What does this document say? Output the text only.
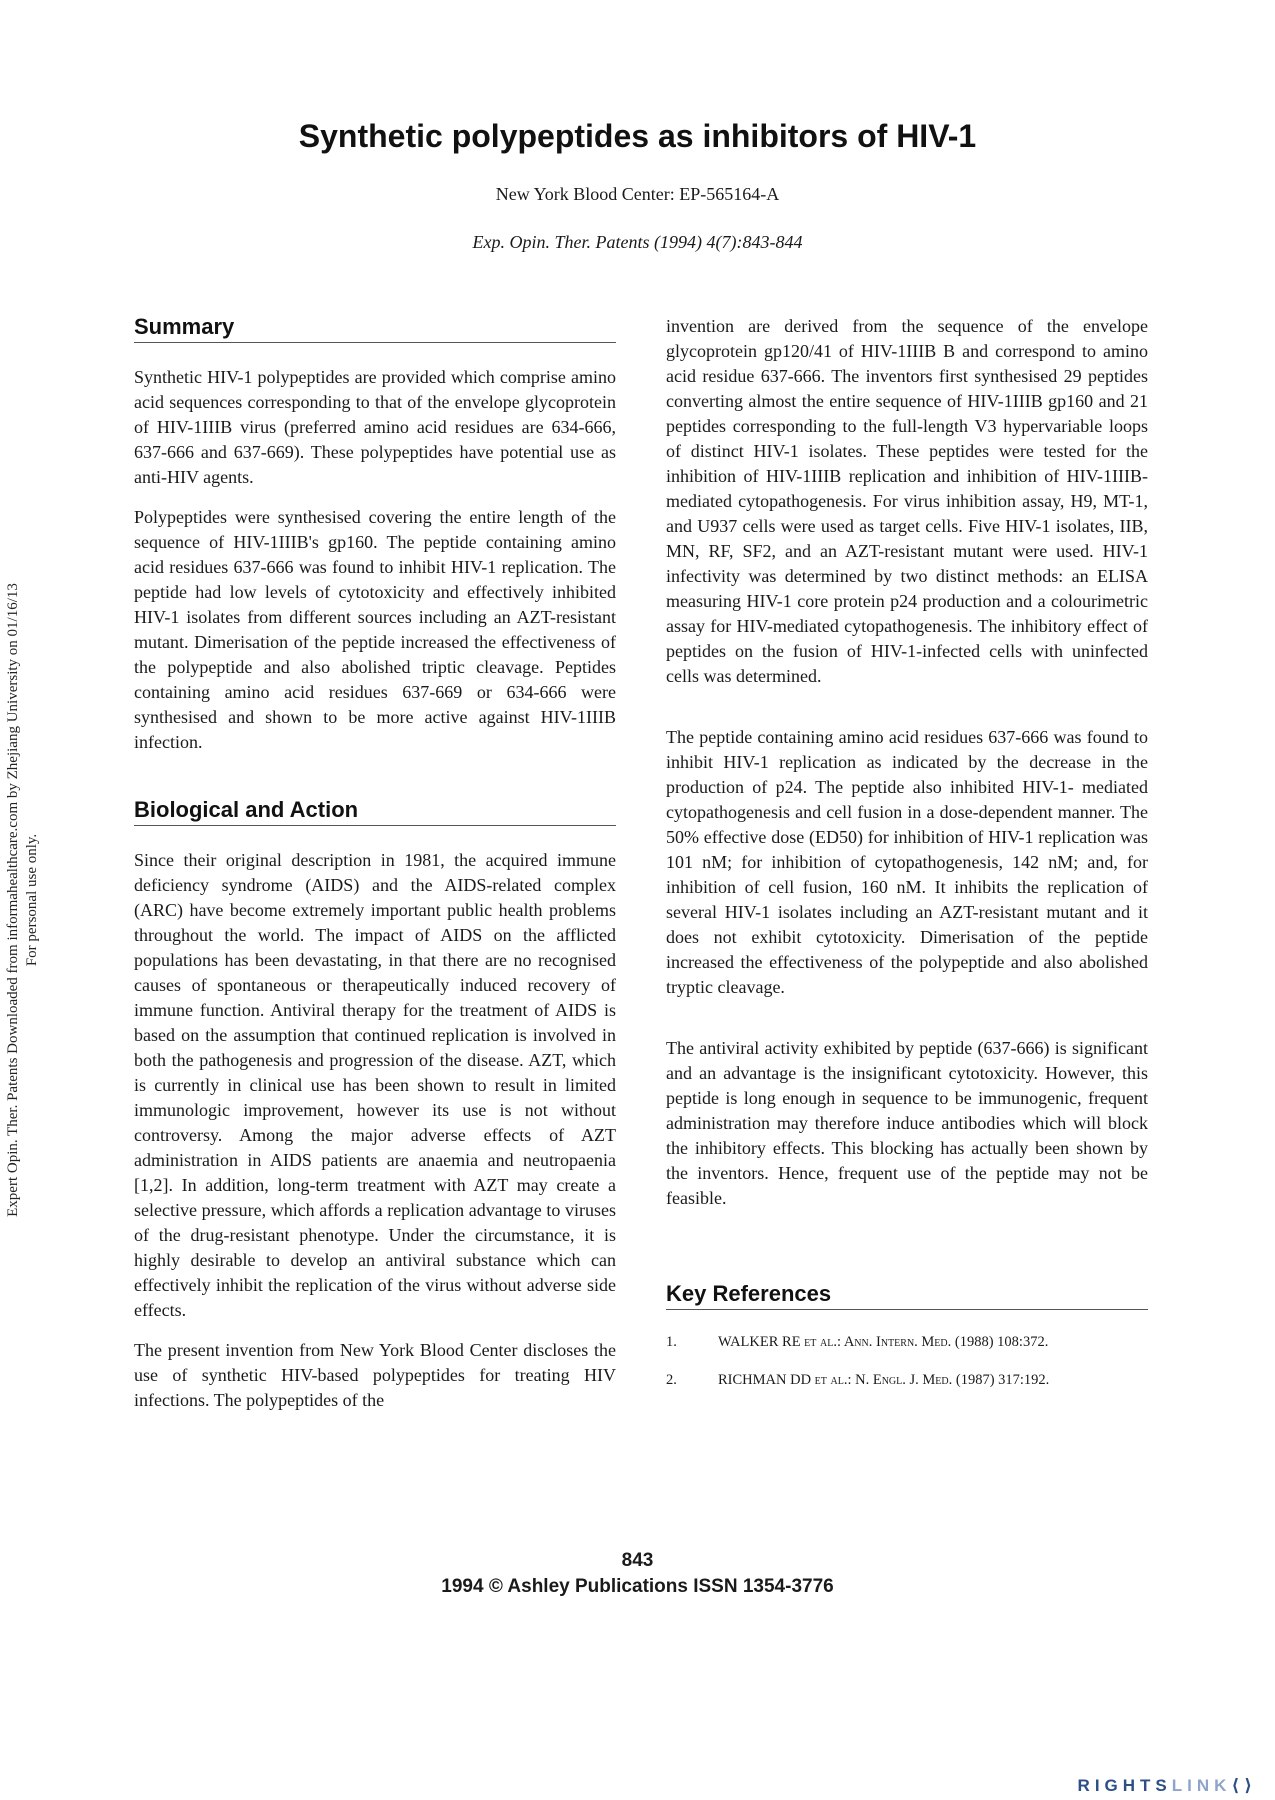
Expert Opin. Ther. Patents Downloaded from informahealthcare.com by Zhejiang University on 01/16/13 For personal use only.
Synthetic polypeptides as inhibitors of HIV-1
New York Blood Center: EP-565164-A
Exp. Opin. Ther. Patents (1994) 4(7):843-844
Summary

Synthetic HIV-1 polypeptides are provided which comprise amino acid sequences corresponding to that of the envelope glycoprotein of HIV-1IIIB virus (preferred amino acid residues are 634-666, 637-666 and 637-669). These polypeptides have potential use as anti-HIV agents.

Polypeptides were synthesised covering the entire length of the sequence of HIV-1IIIB's gp160. The peptide containing amino acid residues 637-666 was found to inhibit HIV-1 replication. The peptide had low levels of cytotoxicity and effectively inhibited HIV-1 isolates from different sources including an AZT-resistant mutant. Dimerisation of the peptide increased the effectiveness of the polypeptide and also abolished triptic cleavage. Peptides containing amino acid residues 637-669 or 634-666 were synthesised and shown to be more active against HIV-1IIIB infection.

Biological and Action

Since their original description in 1981, the acquired immune deficiency syndrome (AIDS) and the AIDS-related complex (ARC) have become extremely important public health problems throughout the world. The impact of AIDS on the afflicted populations has been devastating, in that there are no recognised causes of spontaneous or therapeutically induced recovery of immune function. Antiviral therapy for the treatment of AIDS is based on the assumption that continued replication is involved in both the pathogenesis and progression of the disease. AZT, which is currently in clinical use has been shown to result in limited immunologic improvement, however its use is not without controversy. Among the major adverse effects of AZT administration in AIDS patients are anaemia and neutropaenia [1,2]. In addition, long-term treatment with AZT may create a selective pressure, which affords a replication advantage to viruses of the drug-resistant phenotype. Under the circumstance, it is highly desirable to develop an antiviral substance which can effectively inhibit the replication of the virus without adverse side effects.

The present invention from New York Blood Center discloses the use of synthetic HIV-based polypeptides for treating HIV infections. The polypeptides of the

invention are derived from the sequence of the envelope glycoprotein gp120/41 of HIV-1IIIB B and correspond to amino acid residue 637-666. The inventors first synthesised 29 peptides converting almost the entire sequence of HIV-1IIIB gp160 and 21 peptides corresponding to the full-length V3 hypervariable loops of distinct HIV-1 isolates. These peptides were tested for the inhibition of HIV-1IIIB replication and inhibition of HIV-1IIIB-mediated cytopathogenesis. For virus inhibition assay, H9, MT-1, and U937 cells were used as target cells. Five HIV-1 isolates, IIB, MN, RF, SF2, and an AZT-resistant mutant were used. HIV-1 infectivity was determined by two distinct methods: an ELISA measuring HIV-1 core protein p24 production and a colourimetric assay for HIV-mediated cytopathogenesis. The inhibitory effect of peptides on the fusion of HIV-1-infected cells with uninfected cells was determined.

The peptide containing amino acid residues 637-666 was found to inhibit HIV-1 replication as indicated by the decrease in the production of p24. The peptide also inhibited HIV-1- mediated cytopathogenesis and cell fusion in a dose-dependent manner. The 50% effective dose (ED50) for inhibition of HIV-1 replication was 101 nM; for inhibition of cytopathogenesis, 142 nM; and, for inhibition of cell fusion, 160 nM. It inhibits the replication of several HIV-1 isolates including an AZT-resistant mutant and it does not exhibit cytotoxicity. Dimerisation of the peptide increased the effectiveness of the polypeptide and also abolished tryptic cleavage.

The antiviral activity exhibited by peptide (637-666) is significant and an advantage is the insignificant cytotoxicity. However, this peptide is long enough in sequence to be immunogenic, frequent administration may therefore induce antibodies which will block the inhibitory effects. This blocking has actually been shown by the inventors. Hence, frequent use of the peptide may not be feasible.

Key References
1.	WALKER RE et al.: Ann. Intern. Med. (1988) 108:372.
2.	RICHMAN DD et al.: N. Engl. J. Med. (1987) 317:192.
843
1994 © Ashley Publications ISSN 1354-3776
RIGHTSLINK⟨⟩
